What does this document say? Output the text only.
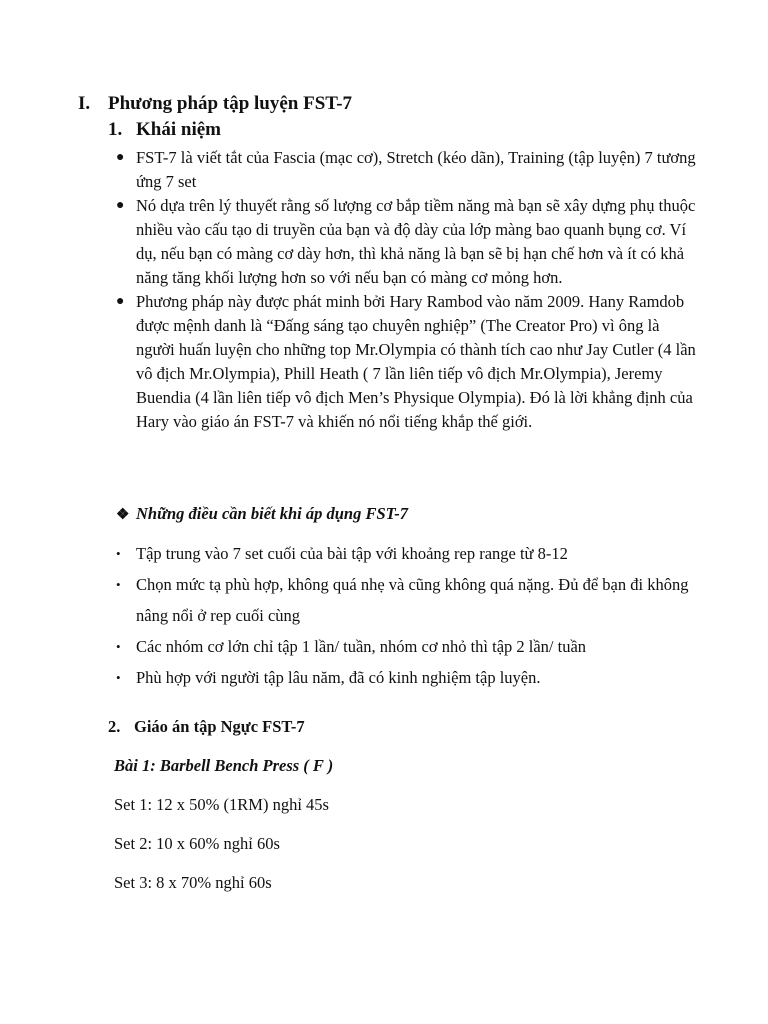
I. Phương pháp tập luyện FST-7
1. Khái niệm
● FST-7 là viết tắt của Fascia (mạc cơ), Stretch (kéo dãn), Training (tập luyện) 7 tương ứng 7 set
● Nó dựa trên lý thuyết rằng số lượng cơ bắp tiềm năng mà bạn sẽ xây dựng phụ thuộc nhiều vào cấu tạo di truyền của bạn và độ dày của lớp màng bao quanh bụng cơ. Ví dụ, nếu bạn có màng cơ dày hơn, thì khả năng là bạn sẽ bị hạn chế hơn và ít có khả năng tăng khối lượng hơn so với nếu bạn có màng cơ mỏng hơn.
● Phương pháp này được phát minh bởi Hary Rambod vào năm 2009. Hany Ramdob được mệnh danh là “Đấng sáng tạo chuyên nghiệp” (The Creator Pro) vì ông là người huấn luyện cho những top Mr.Olympia có thành tích cao như Jay Cutler (4 lần vô địch Mr.Olympia), Phill Heath ( 7 lần liên tiếp vô địch Mr.Olympia), Jeremy Buendia (4 lần liên tiếp vô địch Men’s Physique Olympia). Đó là lời khẳng định của Hary vào giáo án FST-7 và khiến nó nổi tiếng khắp thế giới.
❖ Những điều cần biết khi áp dụng FST-7
• Tập trung vào 7 set cuối của bài tập với khoảng rep range từ 8-12
• Chọn mức tạ phù hợp, không quá nhẹ và cũng không quá nặng. Đủ để bạn đi không nâng nổi ở rep cuối cùng
• Các nhóm cơ lớn chỉ tập 1 lần/ tuần, nhóm cơ nhỏ thì tập 2 lần/ tuần
• Phù hợp với người tập lâu năm, đã có kinh nghiệm tập luyện.
2. Giáo án tập Ngực FST-7
Bài 1: Barbell Bench Press ( F )
Set 1: 12 x 50% (1RM) nghỉ 45s
Set 2: 10 x 60% nghỉ 60s
Set 3: 8 x 70% nghỉ 60s
